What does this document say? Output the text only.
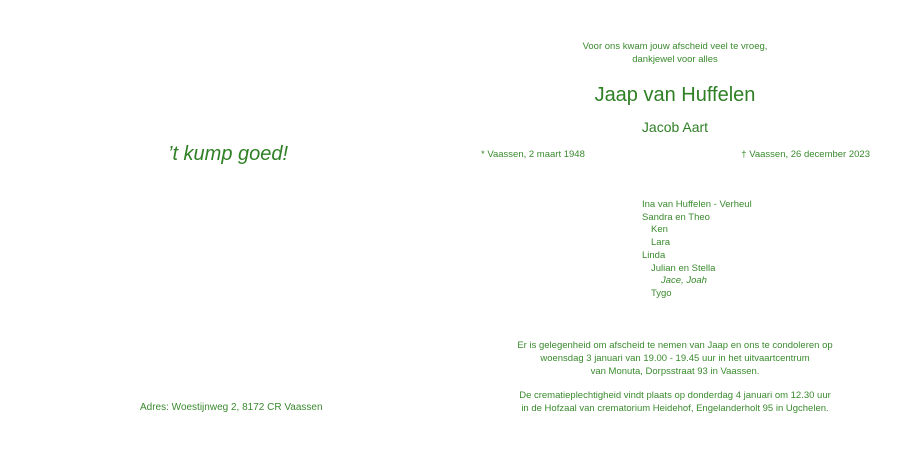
’t kump goed!
Adres: Woestijnweg 2, 8172 CR Vaassen
Voor ons kwam jouw afscheid veel te vroeg,
dankjewel voor alles
Jaap van Huffelen
Jacob Aart
* Vaassen, 2 maart 1948	† Vaassen, 26 december 2023
Ina van Huffelen - Verheul
Sandra en Theo
Ken
Lara
Linda
Julian en Stella
Jace, Joah
Tygo
Er is gelegenheid om afscheid te nemen van Jaap en ons te condoleren op
woensdag 3 januari van 19.00 - 19.45 uur in het uitvaartcentrum
van Monuta, Dorpsstraat 93 in Vaassen.
De crematieplechtigheid vindt plaats op donderdag 4 januari om 12.30 uur
in de Hofzaal van crematorium Heidehof, Engelanderholt 95 in Ugchelen.
